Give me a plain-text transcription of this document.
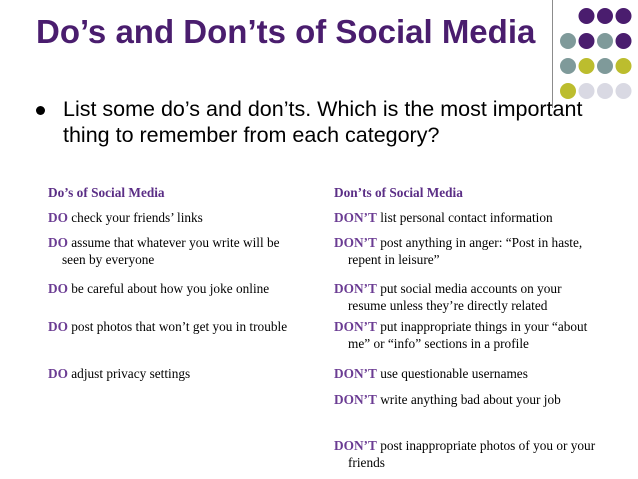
Do’s and Don’ts of Social Media
List some do’s and don’ts. Which is the most important thing to remember from each category?
Do’s of Social Media	Don’ts of Social Media
DO check your friends’ links
DO assume that whatever you write will be
seen by everyone
DO be careful about how you joke online
DO post photos that won’t get you in trouble
DO adjust privacy settings
DON’T list personal contact information
DON’T post anything in anger: “Post in haste,
repent in leisure”
DON’T put social media accounts on your
resume unless they’re directly related
DON’T put inappropriate things in your “about
me” or “info” sections in a profile
DON’T use questionable usernames
DON’T write anything bad about your job
DON’T post inappropriate photos of you or your
friends
